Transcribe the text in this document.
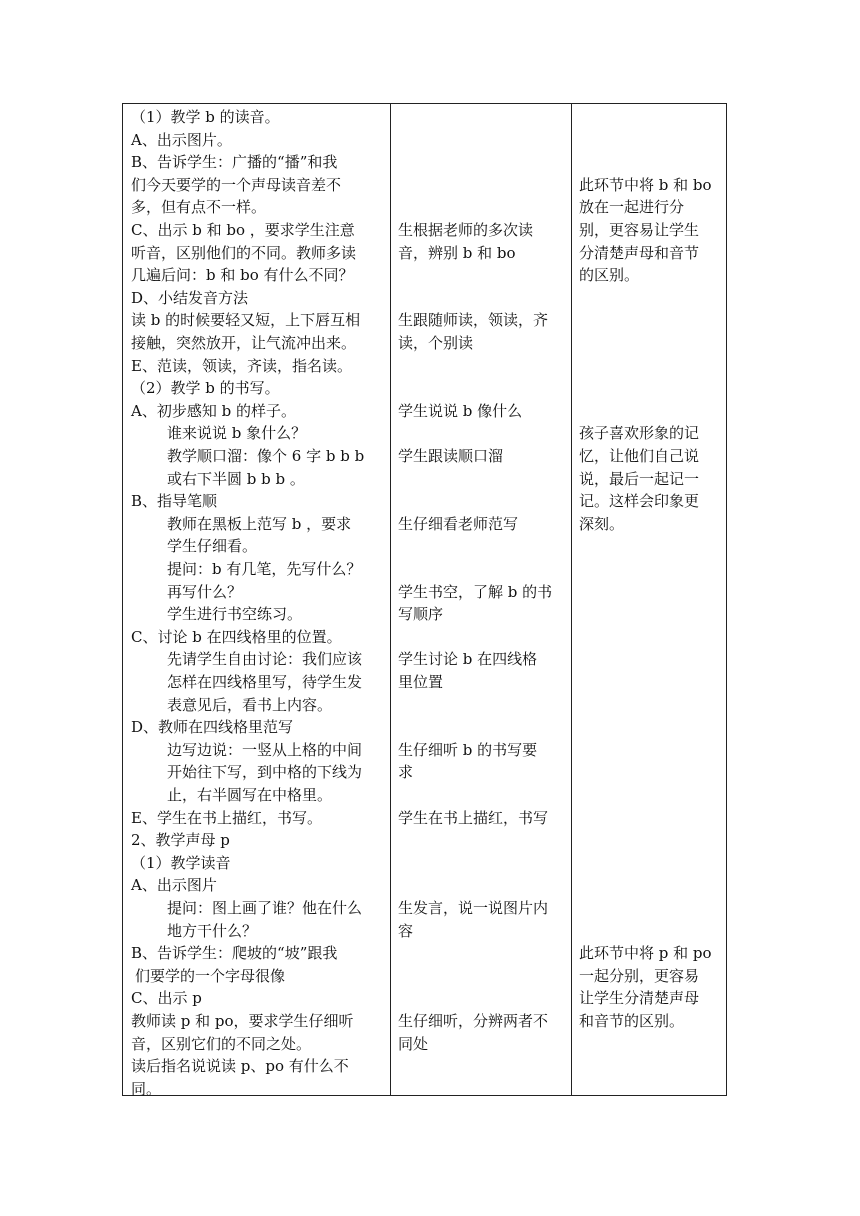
（1）教学 b 的读音。
A、出示图片。
B、告诉学生：广播的“播”和我
们今天要学的一个声母读音差不
多，但有点不一样。
C、出示 b 和 bo ，要求学生注意
听音，区别他们的不同。教师多读
几遍后问：b 和 bo 有什么不同？
D、小结发音方法
读 b 的时候要轻又短，上下唇互相
接触，突然放开，让气流冲出来。
E、范读，领读，齐读，指名读。
（2）教学 b 的书写。
A、初步感知 b 的样子。
谁来说说 b 象什么？
教学顺口溜：像个 6 字 b b b
或右下半圆 b b b 。
B、指导笔顺
教师在黑板上范写 b ，要求
学生仔细看。
提问：b 有几笔，先写什么？
再写什么？
学生进行书空练习。
C、讨论 b 在四线格里的位置。
先请学生自由讨论：我们应该
怎样在四线格里写，待学生发
表意见后，看书上内容。
D、教师在四线格里范写
边写边说：一竖从上格的中间
开始往下写，到中格的下线为
止，右半圆写在中格里。
E、学生在书上描红，书写。
2、教学声母 p
（1）教学读音
A、出示图片
提问：图上画了谁？他在什么
地方干什么？
B、告诉学生：爬坡的“坡”跟我
们要学的一个字母很像
C、出示 p
教师读 p 和 po，要求学生仔细听
音，区别它们的不同之处。
读后指名说说读 p、po 有什么不
同。
生根据老师的多次读
音，辨别 b 和 bo
生跟随师读，领读，齐
读，个别读
学生说说 b 像什么
学生跟读顺口溜
生仔细看老师范写
学生书空，了解 b 的书
写顺序
学生讨论 b 在四线格
里位置
生仔细听 b 的书写要
求
学生在书上描红，书写
生发言，说一说图片内
容
生仔细听，分辨两者不
同处
此环节中将 b 和 bo
放在一起进行分
别，更容易让学生
分清楚声母和音节
的区别。
孩子喜欢形象的记
忆，让他们自己说
说，最后一起记一
记。这样会印象更
深刻。
此环节中将 p 和 po
一起分别，更容易
让学生分清楚声母
和音节的区别。
